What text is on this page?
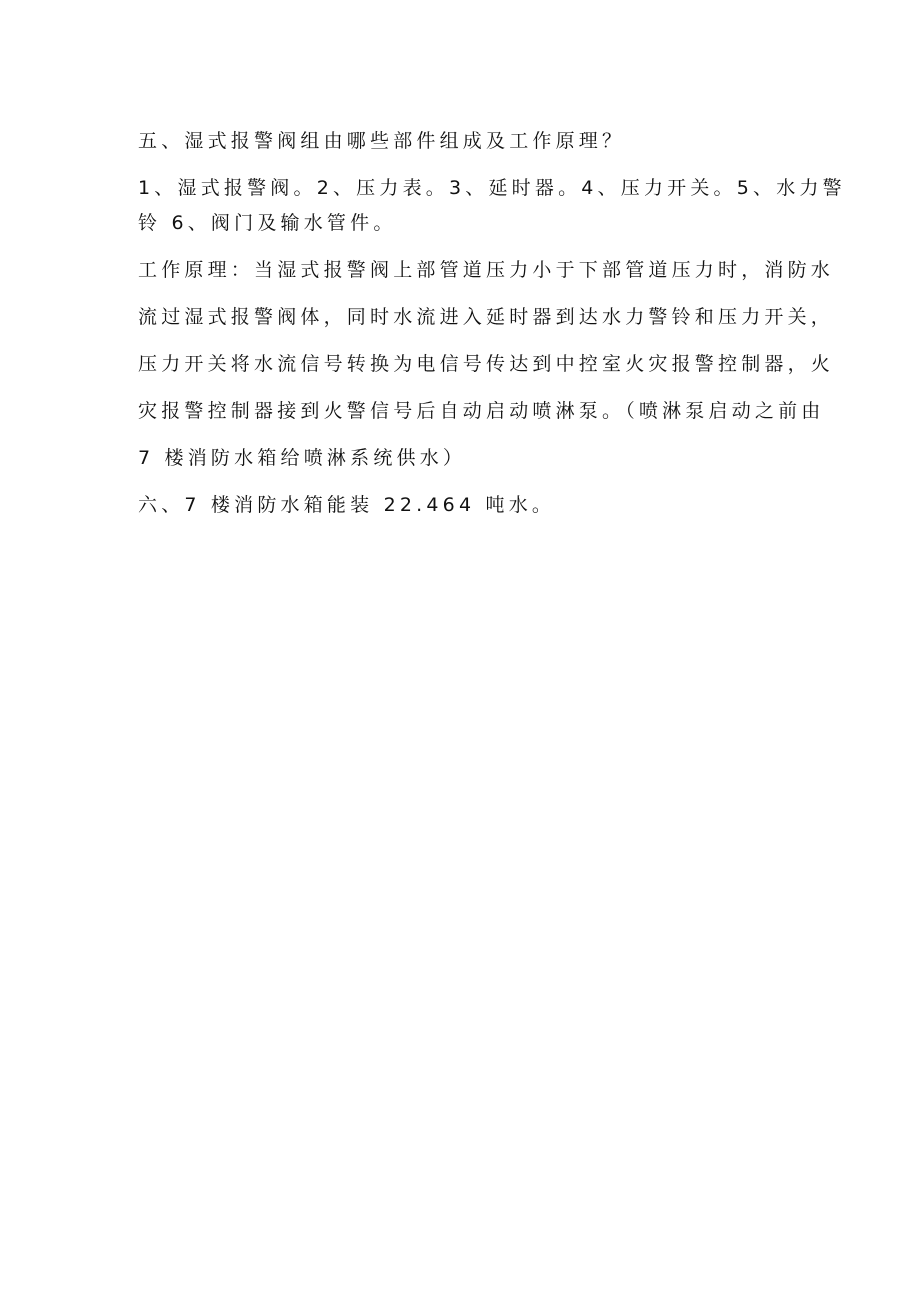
五、湿式报警阀组由哪些部件组成及工作原理？
1、湿式报警阀。2、压力表。3、延时器。4、压力开关。5、水力警
铃 6、阀门及输水管件。
工作原理：当湿式报警阀上部管道压力小于下部管道压力时，消防水
流过湿式报警阀体，同时水流进入延时器到达水力警铃和压力开关，
压力开关将水流信号转换为电信号传达到中控室火灾报警控制器，火
灾报警控制器接到火警信号后自动启动喷淋泵。（喷淋泵启动之前由
7 楼消防水箱给喷淋系统供水）
六、7 楼消防水箱能装 22.464 吨水。
